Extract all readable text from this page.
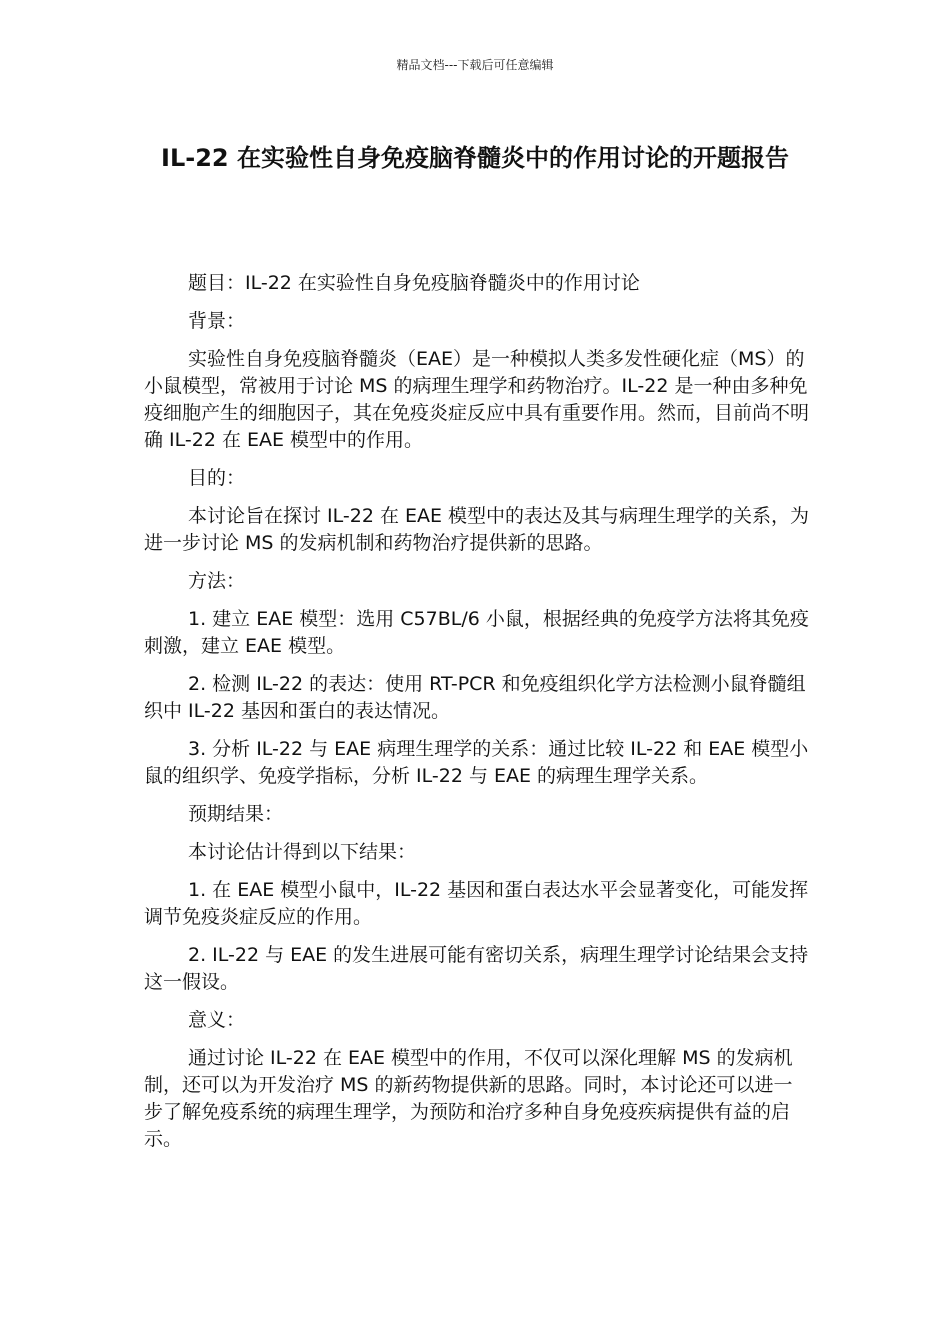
精品文档---下载后可任意编辑
IL-22 在实验性自身免疫脑脊髓炎中的作用讨论的开题报告

题目：IL-22 在实验性自身免疫脑脊髓炎中的作用讨论

背景：

实验性自身免疫脑脊髓炎（EAE）是一种模拟人类多发性硬化症（MS）的小鼠模型，常被用于讨论 MS 的病理生理学和药物治疗。IL-22 是一种由多种免疫细胞产生的细胞因子，其在免疫炎症反应中具有重要作用。然而，目前尚不明确 IL-22 在 EAE 模型中的作用。

目的：

本讨论旨在探讨 IL-22 在 EAE 模型中的表达及其与病理生理学的关系，为进一步讨论 MS 的发病机制和药物治疗提供新的思路。

方法：

1. 建立 EAE 模型：选用 C57BL/6 小鼠，根据经典的免疫学方法将其免疫刺激，建立 EAE 模型。

2. 检测 IL-22 的表达：使用 RT-PCR 和免疫组织化学方法检测小鼠脊髓组织中 IL-22 基因和蛋白的表达情况。

3. 分析 IL-22 与 EAE 病理生理学的关系：通过比较 IL-22 和 EAE 模型小鼠的组织学、免疫学指标，分析 IL-22 与 EAE 的病理生理学关系。

预期结果：

本讨论估计得到以下结果：

1. 在 EAE 模型小鼠中，IL-22 基因和蛋白表达水平会显著变化，可能发挥调节免疫炎症反应的作用。

2. IL-22 与 EAE 的发生进展可能有密切关系，病理生理学讨论结果会支持这一假设。

意义：

通过讨论 IL-22 在 EAE 模型中的作用，不仅可以深化理解 MS 的发病机制，还可以为开发治疗 MS 的新药物提供新的思路。同时，本讨论还可以进一步了解免疫系统的病理生理学，为预防和治疗多种自身免疫疾病提供有益的启示。
